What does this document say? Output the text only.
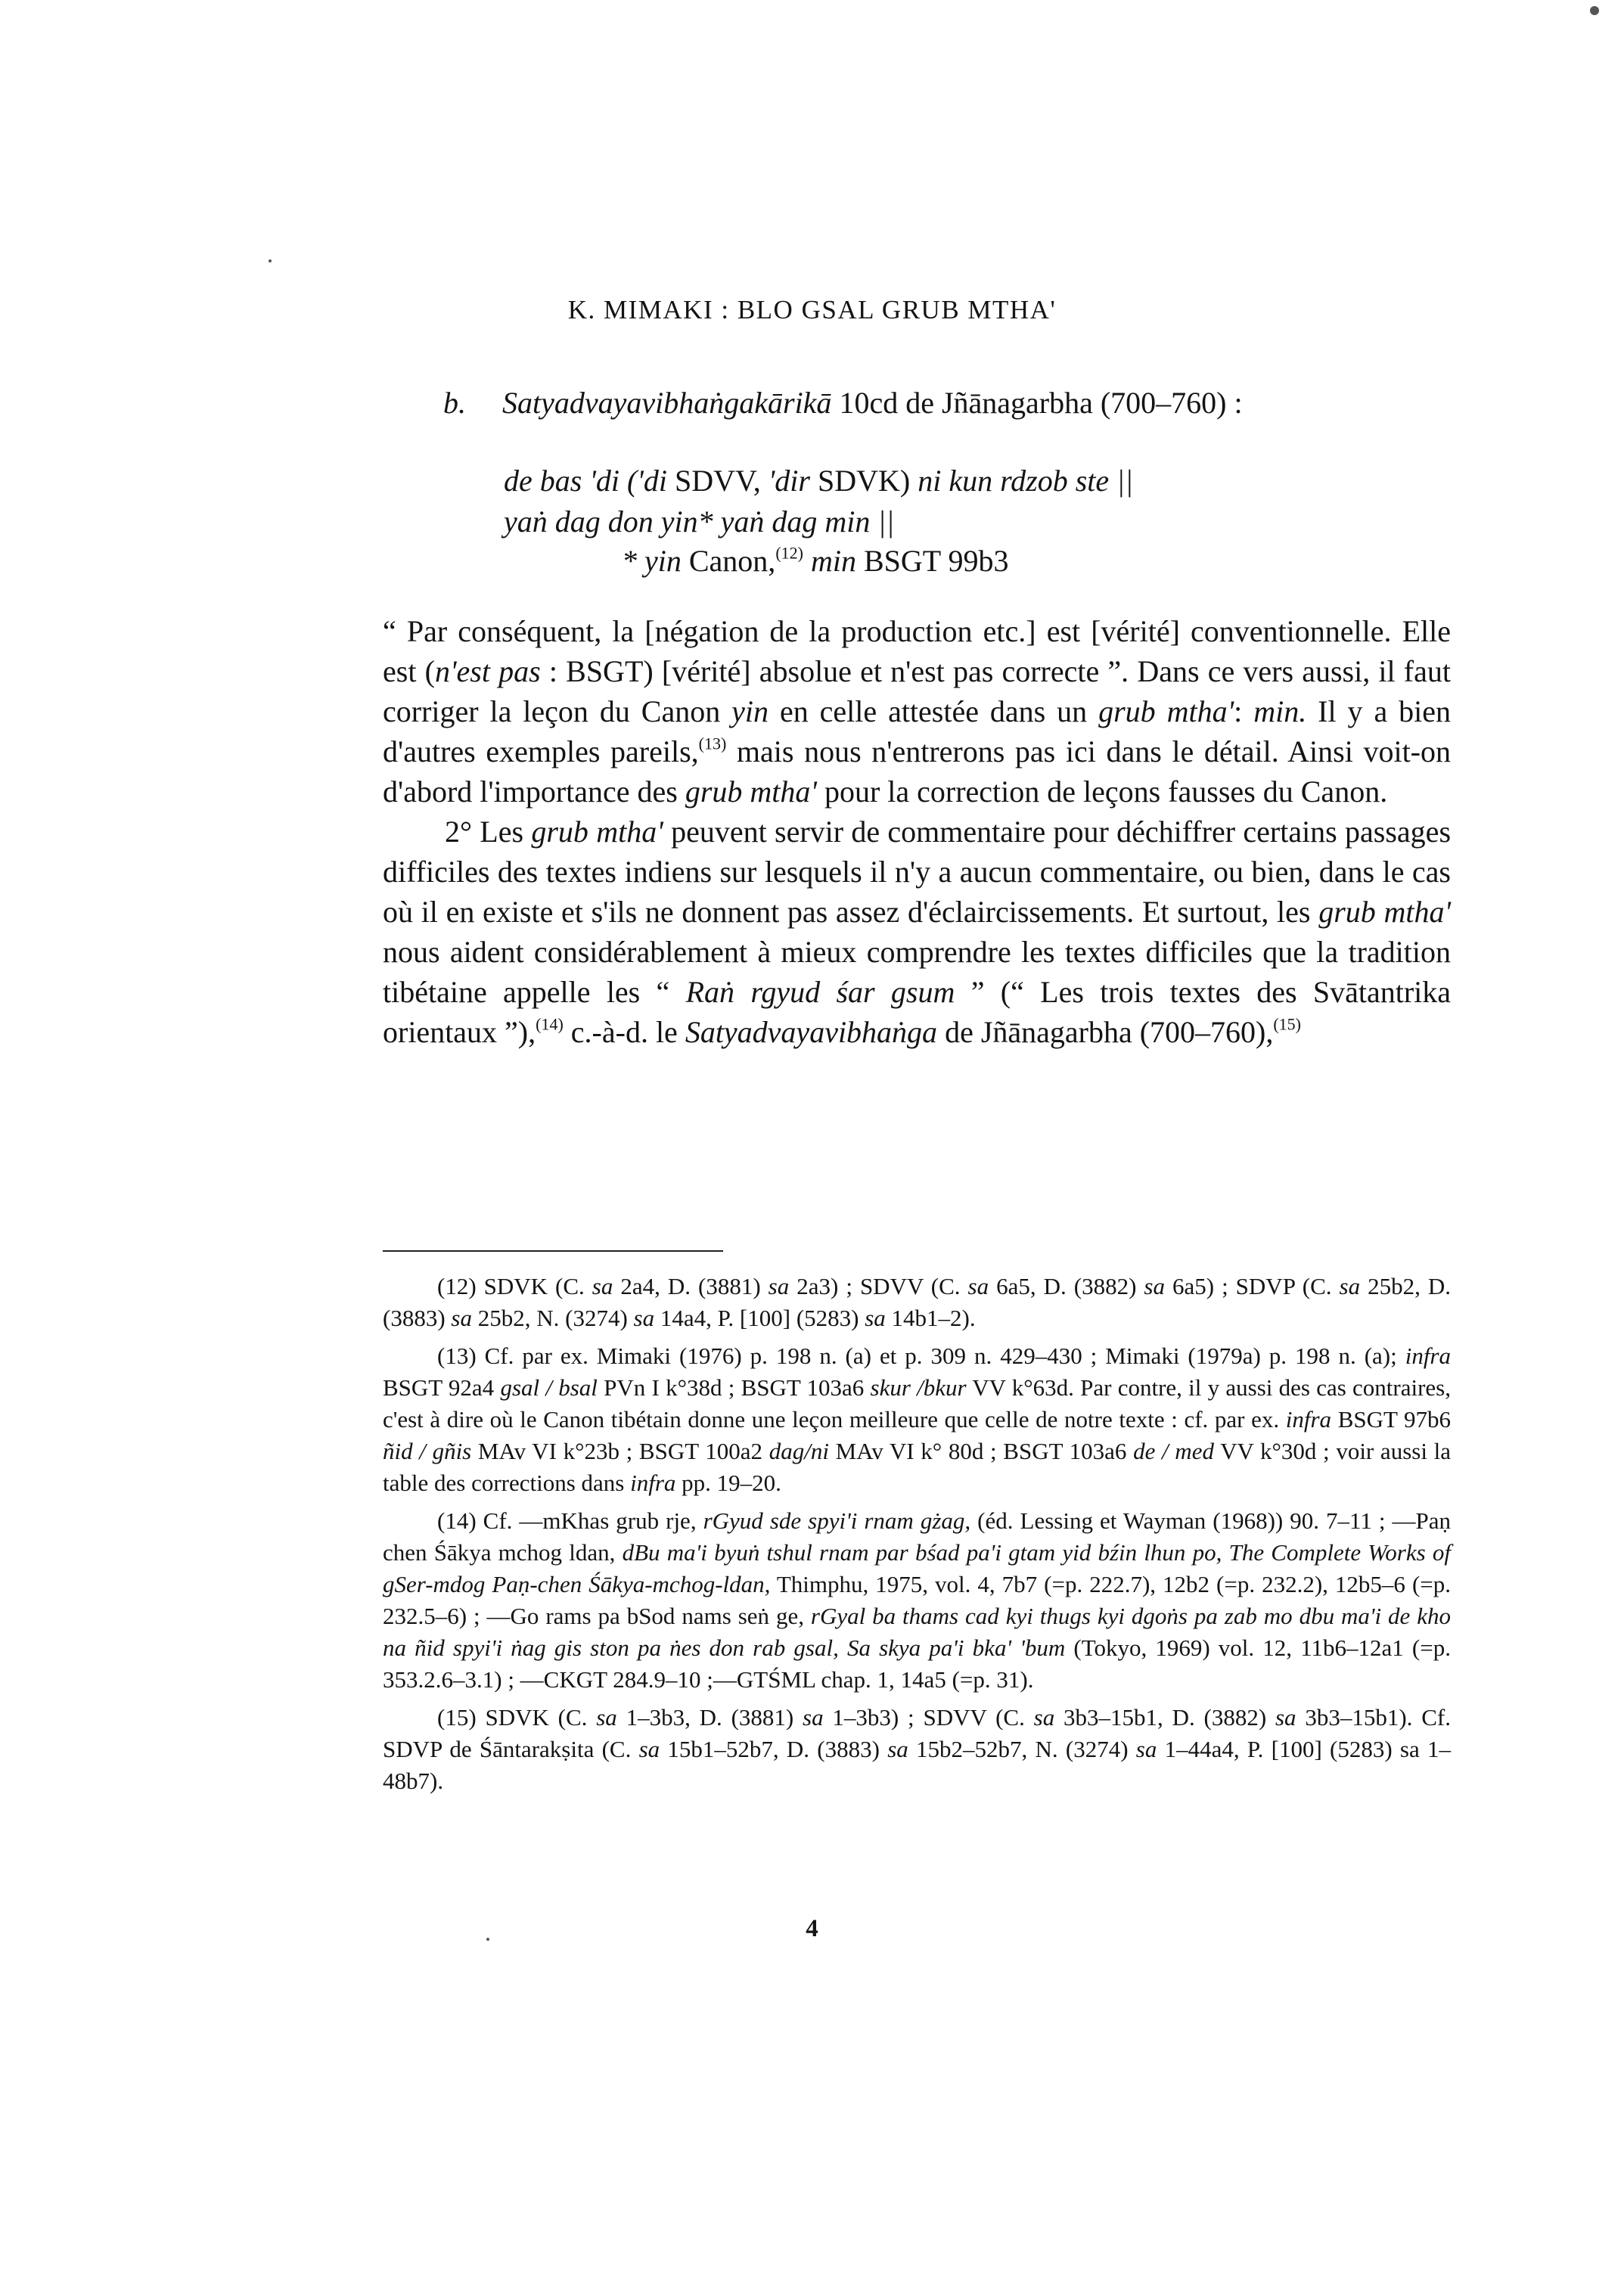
K. MIMAKI : BLO GSAL GRUB MTHA'
b. Satyadvayavibhaṅgakārikā 10cd de Jñānagarbha (700–760) :
de bas 'di ('di SDVV, 'dir SDVK) ni kun rdzob ste ||
yaṅ dag don yin* yaṅ dag min ||
* yin Canon,$^{(12)}$ min BSGT 99b3

“ Par conséquent, la [négation de la production etc.] est [vérité] conventionnelle. Elle est (n'est pas : BSGT) [vérité] absolue et n'est pas correcte ”. Dans ce vers aussi, il faut corriger la leçon du Canon yin en celle attestée dans un grub mtha': min. Il y a bien d'autres exemples pareils,$^{(13)}$ mais nous n'entrerons pas ici dans le détail. Ainsi voit-on d'abord l'importance des grub mtha' pour la correction de leçons fausses du Canon.

2° Les grub mtha' peuvent servir de commentaire pour déchiffrer certains passages difficiles des textes indiens sur lesquels il n'y a aucun commentaire, ou bien, dans le cas où il en existe et s'ils ne donnent pas assez d'éclaircissements. Et surtout, les grub mtha' nous aident considérablement à mieux comprendre les textes difficiles que la tradition tibétaine appelle les “ Raṅ rgyud śar gsum ” (“ Les trois textes des Svātantrika orientaux ”),$^{(14)}$ c.-à-d. le Satyadvayavibhaṅga de Jñānagarbha (700–760),$^{(15)}$

(12) SDVK (C. sa 2a4, D. (3881) sa 2a3) ; SDVV (C. sa 6a5, D. (3882) sa 6a5) ; SDVP (C. sa 25b2, D. (3883) sa 25b2, N. (3274) sa 14a4, P. [100] (5283) sa 14b1–2).

(13) Cf. par ex. Mimaki (1976) p. 198 n. (a) et p. 309 n. 429–430 ; Mimaki (1979a) p. 198 n. (a); infra BSGT 92a4 gsal / bsal PVn I k°38d ; BSGT 103a6 skur /bkur VV k°63d. Par contre, il y aussi des cas contraires, c'est à dire où le Canon tibétain donne une leçon meilleure que celle de notre texte : cf. par ex. infra BSGT 97b6 ñid / gñis MAv VI k°23b ; BSGT 100a2 dag/ni MAv VI k° 80d ; BSGT 103a6 de / med VV k°30d ; voir aussi la table des corrections dans infra pp. 19–20.

(14) Cf. —mKhas grub rje, rGyud sde spyi'i rnam gżag, (éd. Lessing et Wayman (1968)) 90. 7–11 ; —Paṇ chen Śākya mchog ldan, dBu ma'i byuṅ tshul rnam par bśad pa'i gtam yid bźin lhun po, The Complete Works of gSer-mdog Paṇ-chen Śākya-mchog-ldan, Thimphu, 1975, vol. 4, 7b7 (=p. 222.7), 12b2 (=p. 232.2), 12b5–6 (=p. 232.5–6) ; —Go rams pa bSod nams seṅ ge, rGyal ba thams cad kyi thugs kyi dgoṅs pa zab mo dbu ma'i de kho na ñid spyi'i ṅag gis ston pa ṅes don rab gsal, Sa skya pa'i bka' 'bum (Tokyo, 1969) vol. 12, 11b6–12a1 (=p. 353.2.6–3.1) ; —CKGT 284.9–10 ;—GTŚML chap. 1, 14a5 (=p. 31).

(15) SDVK (C. sa 1–3b3, D. (3881) sa 1–3b3) ; SDVV (C. sa 3b3–15b1, D. (3882) sa 3b3–15b1). Cf. SDVP de Śāntarakṣita (C. sa 15b1–52b7, D. (3883) sa 15b2–52b7, N. (3274) sa 1–44a4, P. [100] (5283) sa 1–48b7).

4
